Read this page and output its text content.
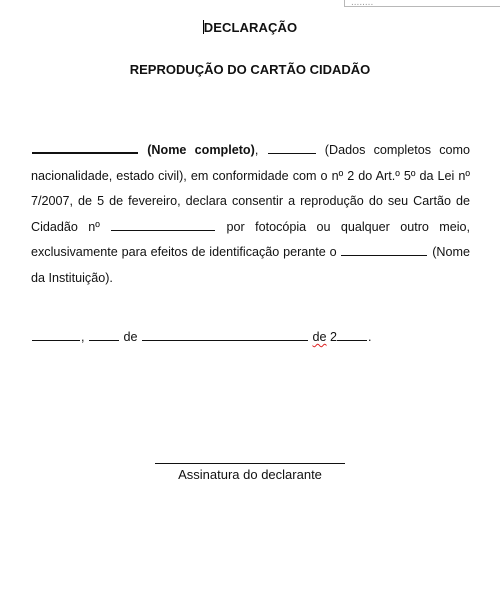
........
DECLARAÇÃO
REPRODUÇÃO DO CARTÃO CIDADÃO
(Nome completo),	(Dados completos como nacionalidade, estado civil), em conformidade com o nº 2 do Art.º 5º da Lei nº 7/2007, de 5 de fevereiro, declara consentir a reprodução do seu Cartão de Cidadão nº	por fotocópia ou qualquer outro meio, exclusivamente para efeitos de identificação perante o	(Nome da Instituição).
,	de	de 2 .
Assinatura do declarante
